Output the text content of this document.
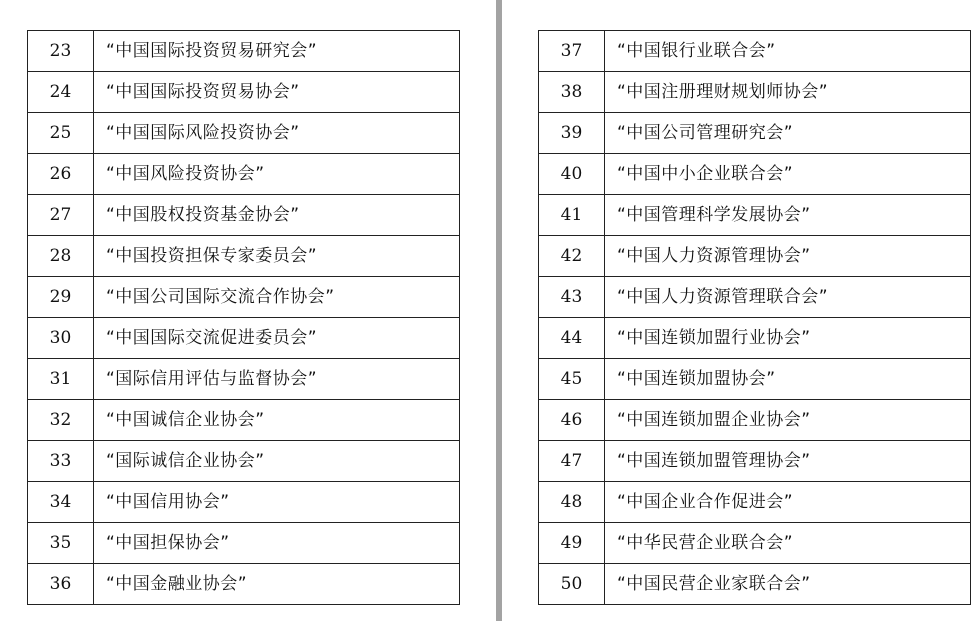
23	“中国国际投资贸易研究会”
24	“中国国际投资贸易协会”
25	“中国国际风险投资协会”
26	“中国风险投资协会”
27	“中国股权投资基金协会”
28	“中国投资担保专家委员会”
29	“中国公司国际交流合作协会”
30	“中国国际交流促进委员会”
31	“国际信用评估与监督协会”
32	“中国诚信企业协会”
33	“国际诚信企业协会”
34	“中国信用协会”
35	“中国担保协会”
36	“中国金融业协会”
37	“中国银行业联合会”
38	“中国注册理财规划师协会”
39	“中国公司管理研究会”
40	“中国中小企业联合会”
41	“中国管理科学发展协会”
42	“中国人力资源管理协会”
43	“中国人力资源管理联合会”
44	“中国连锁加盟行业协会”
45	“中国连锁加盟协会”
46	“中国连锁加盟企业协会”
47	“中国连锁加盟管理协会”
48	“中国企业合作促进会”
49	“中华民营企业联合会”
50	“中国民营企业家联合会”
